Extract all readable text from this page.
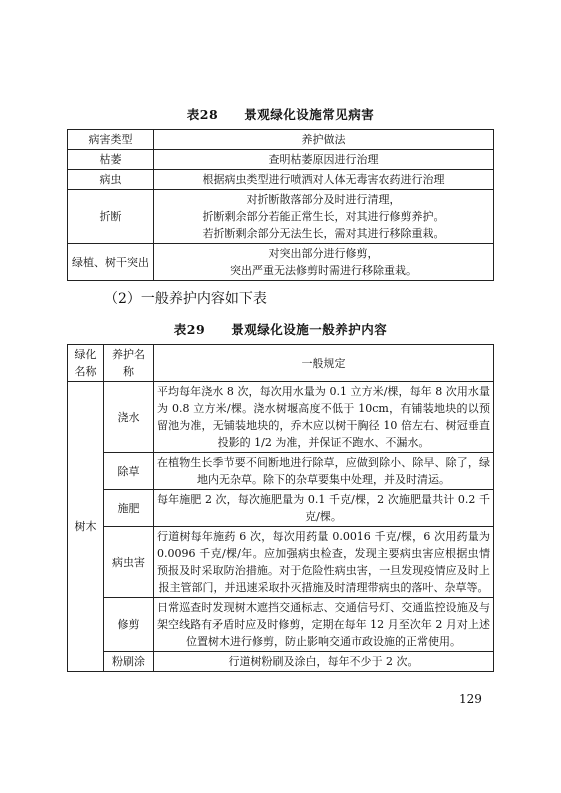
表28 景观绿化设施常见病害
病害类型	养护做法
枯萎	查明枯萎原因进行治理
病虫	根据病虫类型进行喷洒对人体无毒害农药进行治理
折断	对折断散落部分及时进行清理，
折断剩余部分若能正常生长，对其进行修剪养护。
若折断剩余部分无法生长，需对其进行移除重栽。

绿植、树干突出	对突出部分进行修剪，
突出严重无法修剪时需进行移除重栽。
（2）一般养护内容如下表
表29 景观绿化设施一般养护内容
绿化名称	养护名称	一般规定
树木	浇水	平均每年浇水 8 次，每次用水量为 0.1 立方米/棵，每年 8 次用水量为 0.8 立方米/棵。浇水树堰高度不低于 10cm，有铺装地块的以预留池为准，无铺装地块的，乔木应以树干胸径 10 倍左右、树冠垂直投影的 1/2 为准，并保证不跑水、不漏水。
	除草	在植物生长季节要不间断地进行除草，应做到除小、除早、除了，绿地内无杂草。除下的杂草要集中处理，并及时清运。
	施肥	每年施肥 2 次，每次施肥量为 0.1 千克/棵，2 次施肥量共计 0.2 千克/棵。
	病虫害	行道树每年施药 6 次，每次用药量 0.0016 千克/棵，6 次用药量为 0.0096 千克/棵/年。应加强病虫检查，发现主要病虫害应根据虫情预报及时采取防治措施。对于危险性病虫害，一旦发现疫情应及时上报主管部门，并迅速采取扑灭措施及时清理带病虫的落叶、杂草等。
	修剪	日常巡查时发现树木遮挡交通标志、交通信号灯、交通监控设施及与架空线路有矛盾时应及时修剪，定期在每年 12 月至次年 2 月对上述位置树木进行修剪，防止影响交通市政设施的正常使用。
	粉刷涂	行道树粉刷及涂白，每年不少于 2 次。
129
